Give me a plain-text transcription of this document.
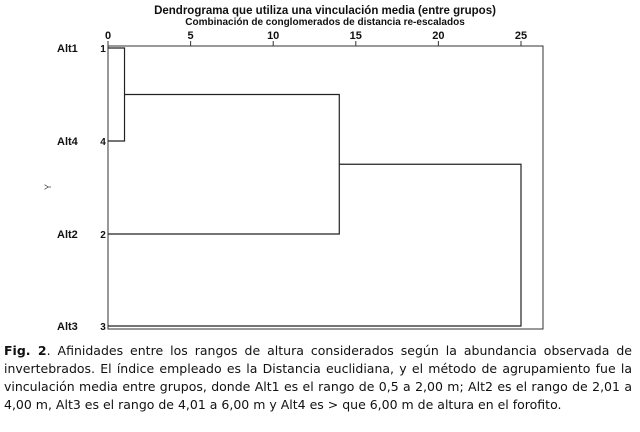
Dendrograma que utiliza una vinculación media (entre grupos)
Combinación de conglomerados de distancia re-escalados
0	5	10	15	20	25
Y
Alt1 1
Alt4 4
Alt2 2
Alt3 3
Fig. 2. Afinidades entre los rangos de altura considerados según la abundancia observada de invertebrados. El índice empleado es la Distancia euclidiana, y el método de agrupamiento fue la vinculación media entre grupos, donde Alt1 es el rango de 0,5 a 2,00 m; Alt2 es el rango de 2,01 a 4,00 m, Alt3 es el rango de 4,01 a 6,00 m y Alt4 es > que 6,00 m de altura en el forofito.
